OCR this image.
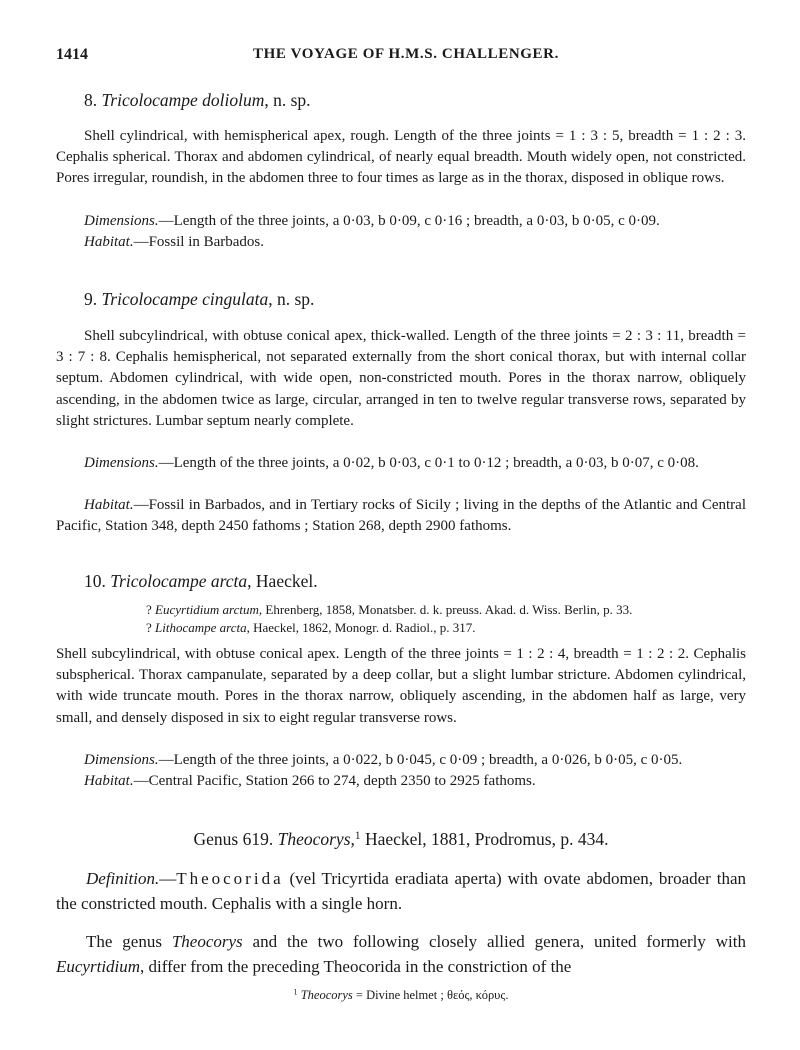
1414	THE VOYAGE OF H.M.S. CHALLENGER.
8. Tricolocampe doliolum, n. sp.

Shell cylindrical, with hemispherical apex, rough. Length of the three joints = 1 : 3 : 5, breadth = 1 : 2 : 3. Cephalis spherical. Thorax and abdomen cylindrical, of nearly equal breadth. Mouth widely open, not constricted. Pores irregular, roundish, in the abdomen three to four times as large as in the thorax, disposed in oblique rows.

Dimensions.—Length of the three joints, a 0·03, b 0·09, c 0·16 ; breadth, a 0·03, b 0·05, c 0·09.

Habitat.—Fossil in Barbados.

9. Tricolocampe cingulata, n. sp.

Shell subcylindrical, with obtuse conical apex, thick-walled. Length of the three joints = 2 : 3 : 11, breadth = 3 : 7 : 8. Cephalis hemispherical, not separated externally from the short conical thorax, but with internal collar septum. Abdomen cylindrical, with wide open, non-constricted mouth. Pores in the thorax narrow, obliquely ascending, in the abdomen twice as large, circular, arranged in ten to twelve regular transverse rows, separated by slight strictures. Lumbar septum nearly complete.

Dimensions.—Length of the three joints, a 0·02, b 0·03, c 0·1 to 0·12 ; breadth, a 0·03, b 0·07, c 0·08.

Habitat.—Fossil in Barbados, and in Tertiary rocks of Sicily ; living in the depths of the Atlantic and Central Pacific, Station 348, depth 2450 fathoms ; Station 268, depth 2900 fathoms.

10. Tricolocampe arcta, Haeckel.

? Eucyrtidium arctum, Ehrenberg, 1858, Monatsber. d. k. preuss. Akad. d. Wiss. Berlin, p. 33.

? Lithocampe arcta, Haeckel, 1862, Monogr. d. Radiol., p. 317.

Shell subcylindrical, with obtuse conical apex. Length of the three joints = 1 : 2 : 4, breadth = 1 : 2 : 2. Cephalis subspherical. Thorax campanulate, separated by a deep collar, but a slight lumbar stricture. Abdomen cylindrical, with wide truncate mouth. Pores in the thorax narrow, obliquely ascending, in the abdomen half as large, very small, and densely disposed in six to eight regular transverse rows.

Dimensions.—Length of the three joints, a 0·022, b 0·045, c 0·09 ; breadth, a 0·026, b 0·05, c 0·05.

Habitat.—Central Pacific, Station 266 to 274, depth 2350 to 2925 fathoms.

Genus 619. Theocorys,$^1$ Haeckel, 1881, Prodromus, p. 434.

Definition.—Theocorida (vel Tricyrtida eradiata aperta) with ovate abdomen, broader than the constricted mouth. Cephalis with a single horn.

The genus Theocorys and the two following closely allied genera, united formerly with Eucyrtidium, differ from the preceding Theocorida in the constriction of the

$^1$ Theocorys = Divine helmet ; θεός, κόρυς.
